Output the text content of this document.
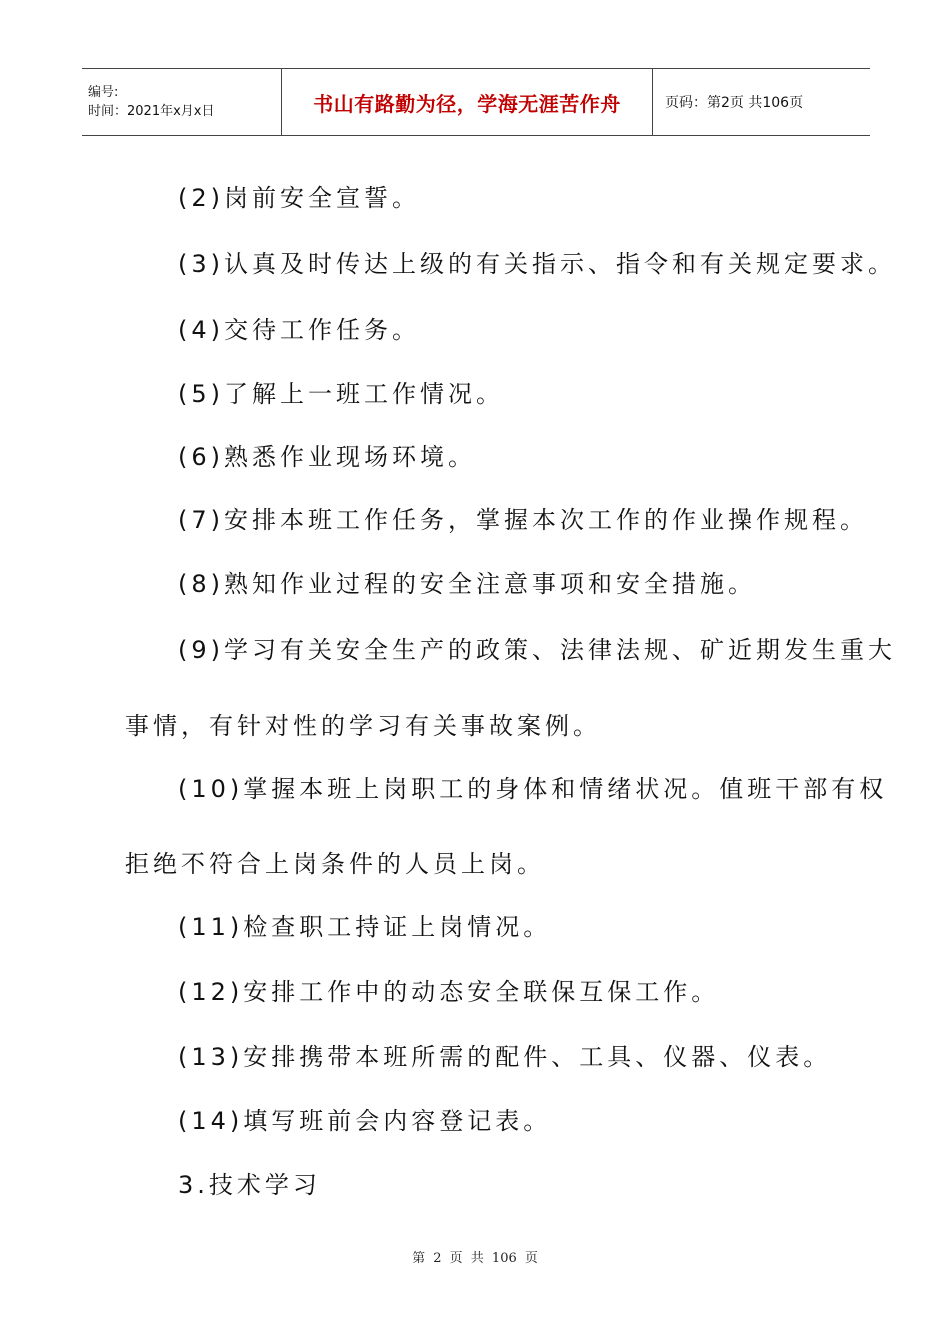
编号:
时间：2021年x月x日	书山有路勤为径，学海无涯苦作舟	页码：第2页 共106页
(2)岗前安全宣誓。
(3)认真及时传达上级的有关指示、指令和有关规定要求。
(4)交待工作任务。
(5)了解上一班工作情况。
(6)熟悉作业现场环境。
(7)安排本班工作任务，掌握本次工作的作业操作规程。
(8)熟知作业过程的安全注意事项和安全措施。
(9)学习有关安全生产的政策、法律法规、矿近期发生重大
事情，有针对性的学习有关事故案例。
(10)掌握本班上岗职工的身体和情绪状况。值班干部有权
拒绝不符合上岗条件的人员上岗。
(11)检查职工持证上岗情况。
(12)安排工作中的动态安全联保互保工作。
(13)安排携带本班所需的配件、工具、仪器、仪表。
(14)填写班前会内容登记表。
3.技术学习
第 2 页 共 106 页
